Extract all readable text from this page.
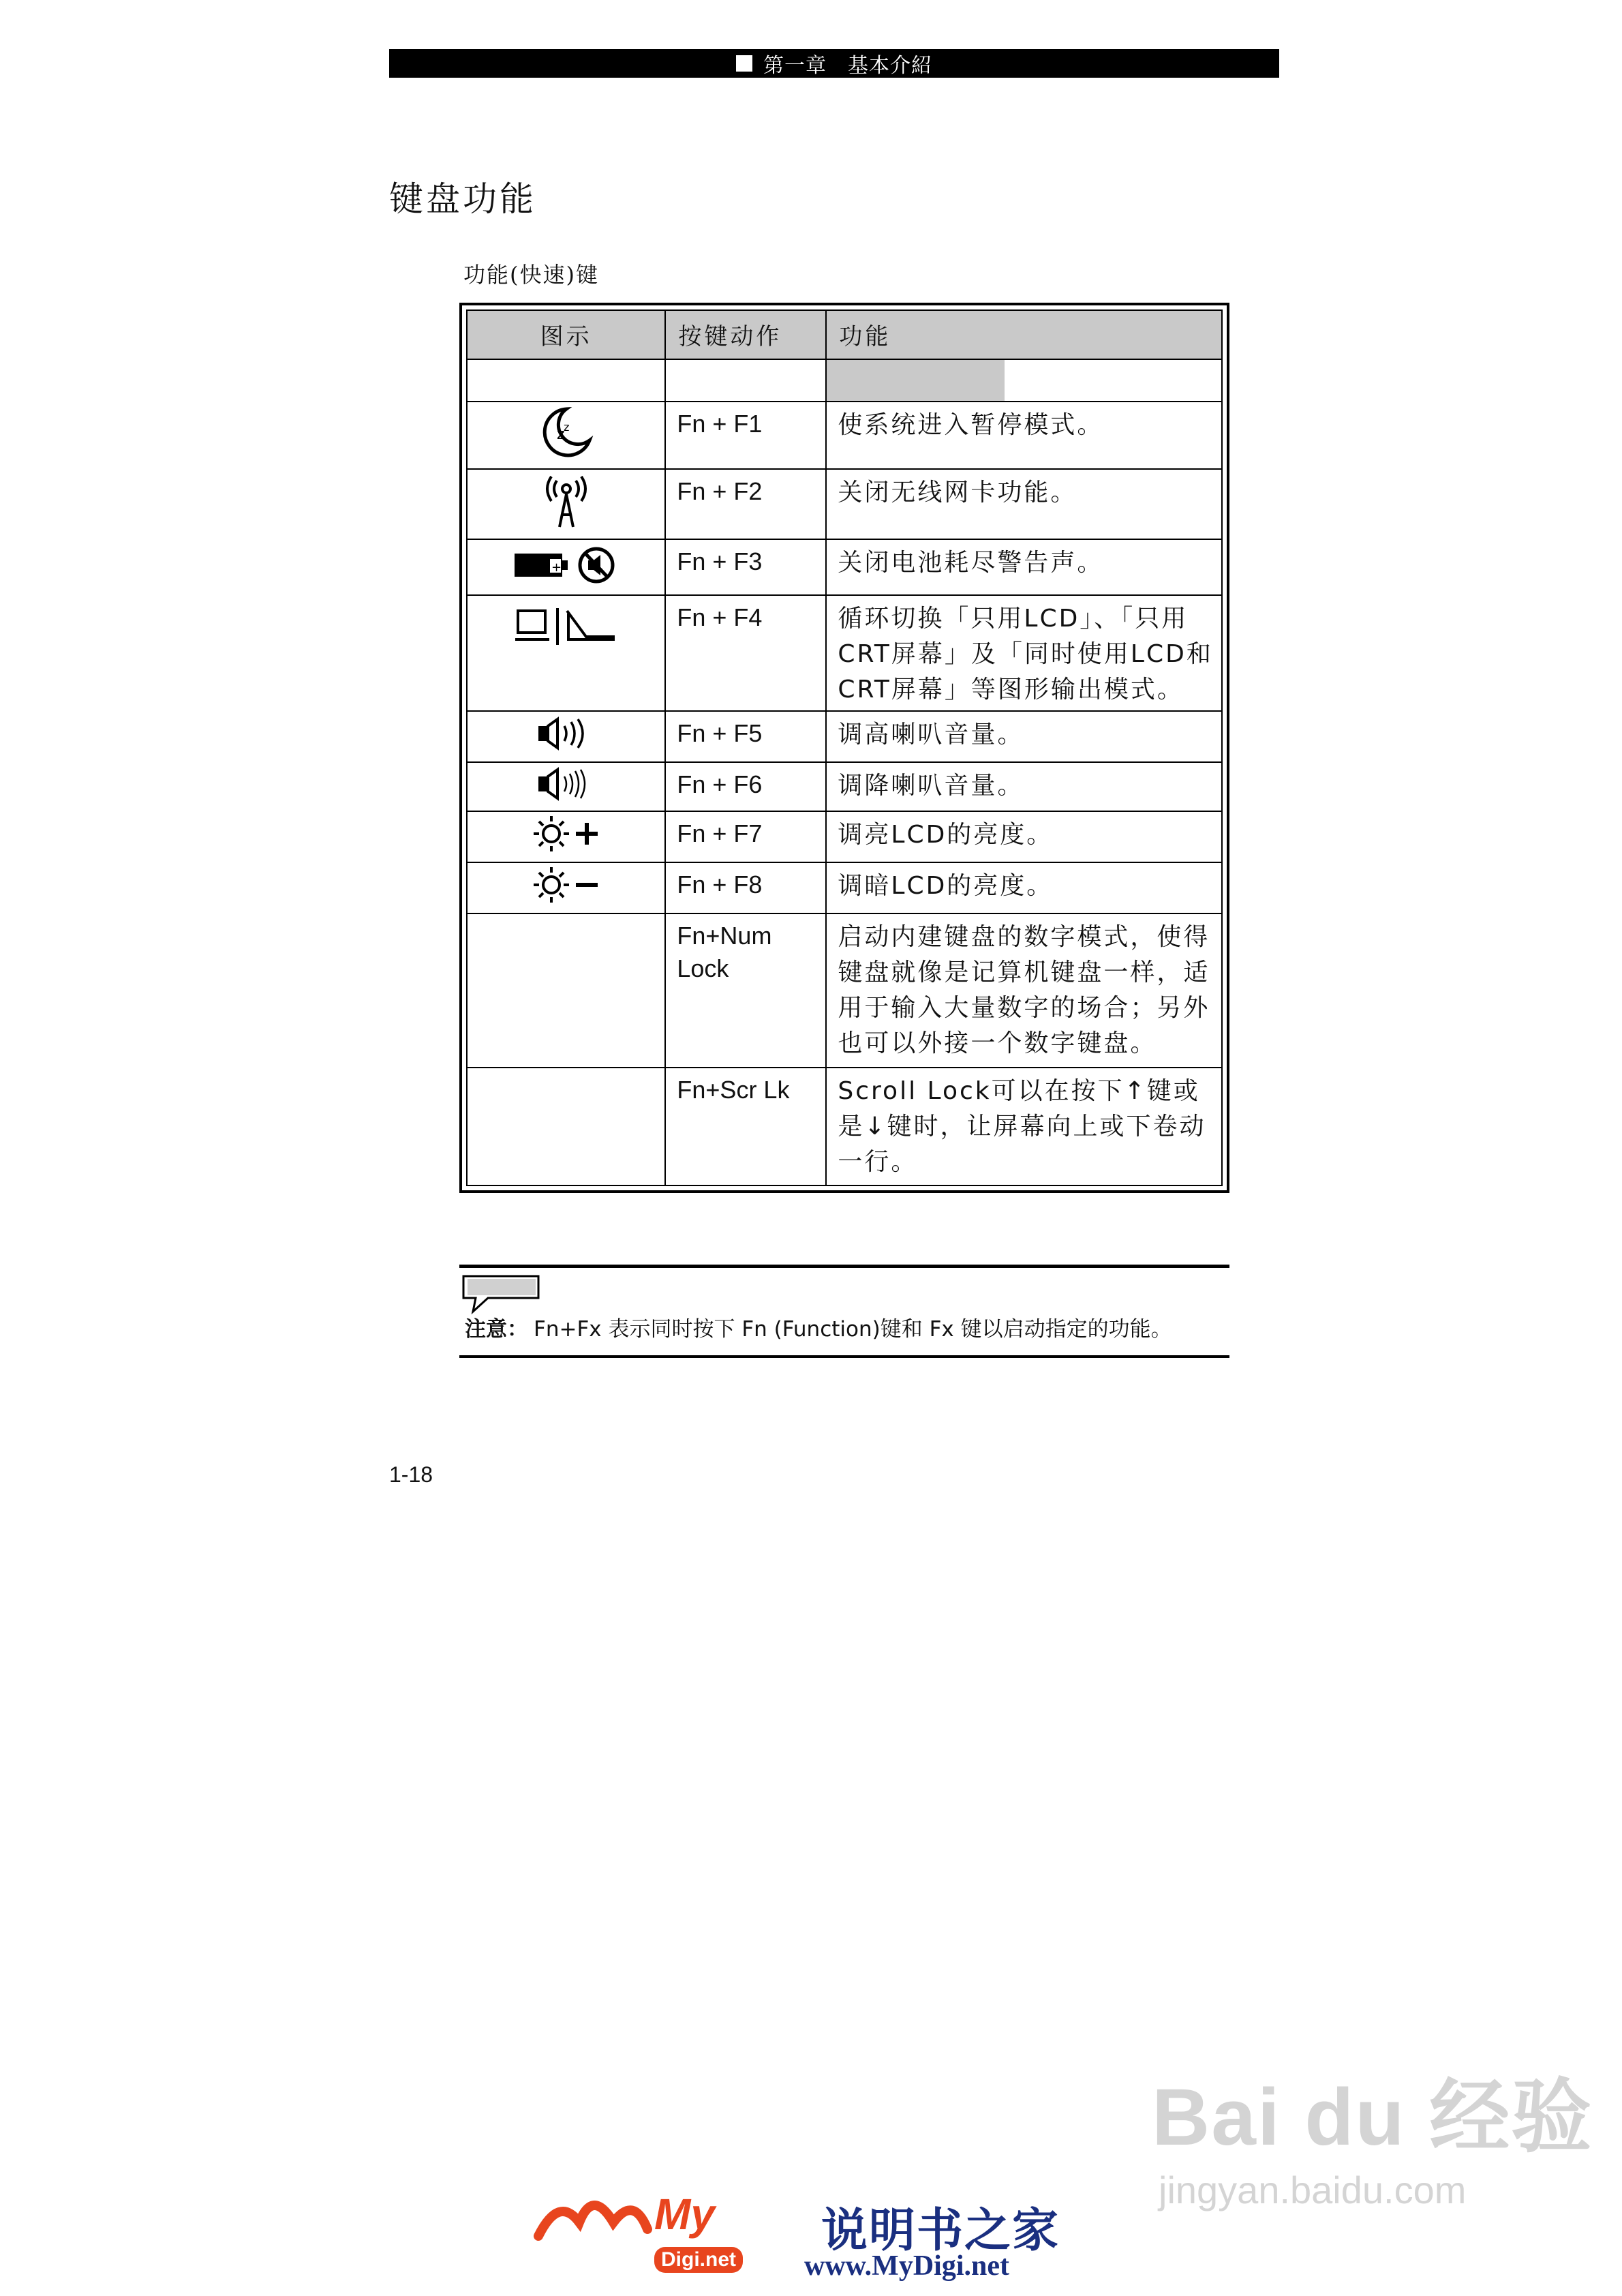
第一章　基本介紹
键盘功能
功能(快速)键
图示	按键动作	功能

z
z	Fn + F1	使系统进入暂停模式。
	Fn + F2	关闭无线网卡功能。

+	Fn + F3	关闭电池耗尽警告声。
	Fn + F4	循环切换「只用LCD」、「只用CRT屏幕」及「同时使用LCD和CRT屏幕」等图形输出模式。
	Fn + F5	调高喇叭音量。
	Fn + F6	调降喇叭音量。
	Fn + F7	调亮LCD的亮度。
	Fn + F8	调暗LCD的亮度。
	Fn+Num Lock	启动内建键盘的数字模式，使得键盘就像是记算机键盘一样，适用于输入大量数字的场合；另外也可以外接一个数字键盘。
	Fn+Scr Lk	Scroll Lock可以在按下↑键或是↓键时，让屏幕向上或下卷动一行。
注意： Fn+Fx 表示同时按下 Fn (Function)键和 Fx 键以启动指定的功能。
1-18
Bai du 经验
jingyan.baidu.com
My
Digi.net
说明书之家
www.MyDigi.net
